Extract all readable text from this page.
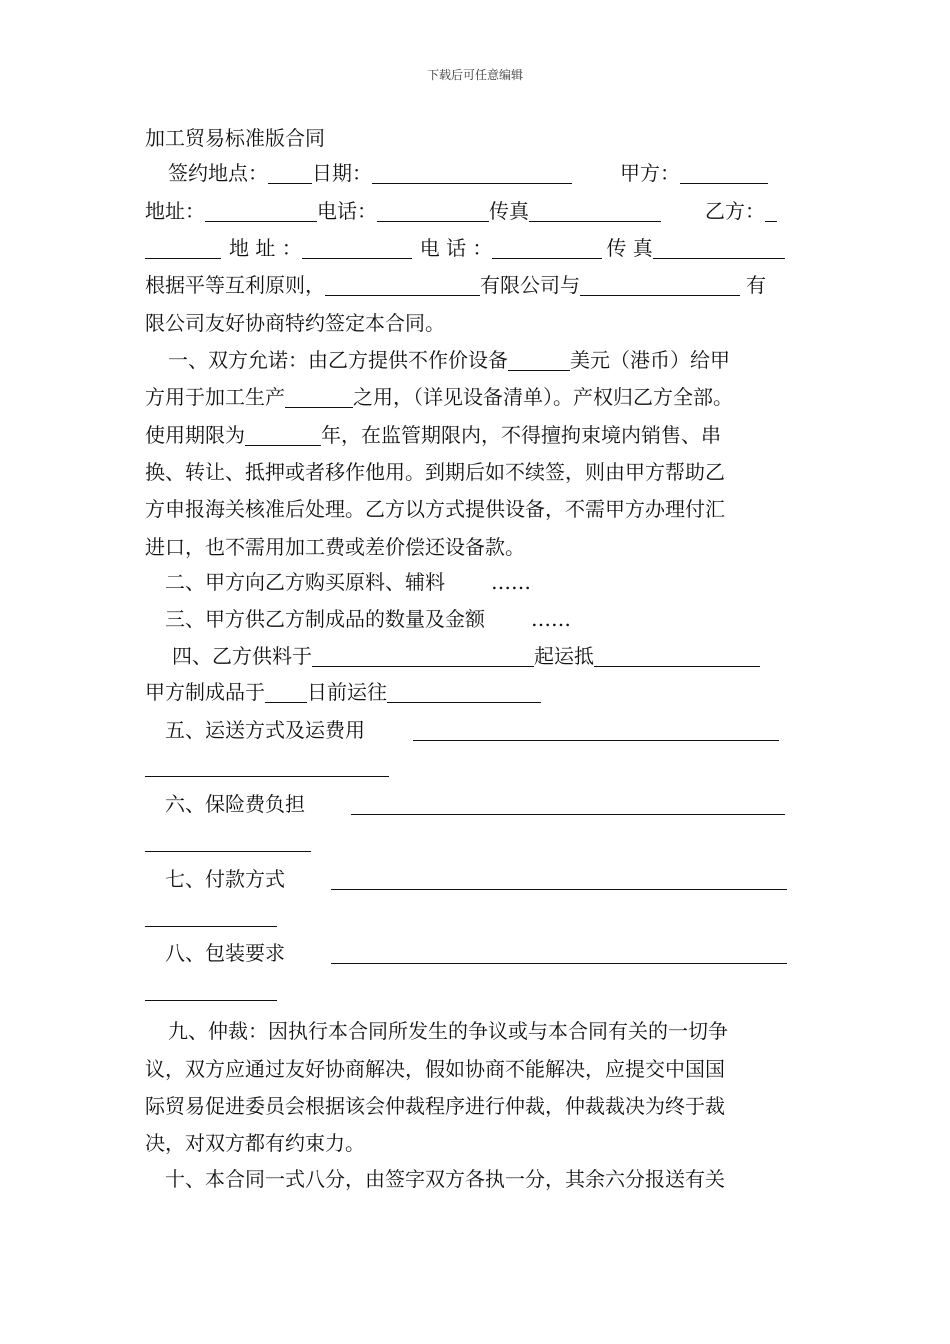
下载后可任意编辑
加工贸易标准版合同
签约地点： 日期：	甲方：
地址：	电话：	传真	乙方：
地 址 ：	电 话 ：	传 真
根据平等互利原则，	有限公司与	有
限公司友好协商特约签定本合同。
一、双方允诺：由乙方提供不作价设备	美元（港币）给甲
方用于加工生产	之用，（详见设备清单）。产权归乙方全部。
使用期限为	年，在监管期限内，不得擅拘束境内销售、串
换、转让、抵押或者移作他用。到期后如不续签，则由甲方帮助乙
方申报海关核准后处理。乙方以方式提供设备，不需甲方办理付汇
进口，也不需用加工费或差价偿还设备款。
二、甲方向乙方购买原料、辅料 ……
三、甲方供乙方制成品的数量及金额 ……
四、乙方供料于	起运抵
甲方制成品于 日前运往
五、运送方式及运费用
六、保险费负担
七、付款方式
八、包装要求
九、仲裁：因执行本合同所发生的争议或与本合同有关的一切争
议，双方应通过友好协商解决，假如协商不能解决，应提交中国国
际贸易促进委员会根据该会仲裁程序进行仲裁，仲裁裁决为终于裁
决，对双方都有约束力。
十、本合同一式八分，由签字双方各执一分，其余六分报送有关
